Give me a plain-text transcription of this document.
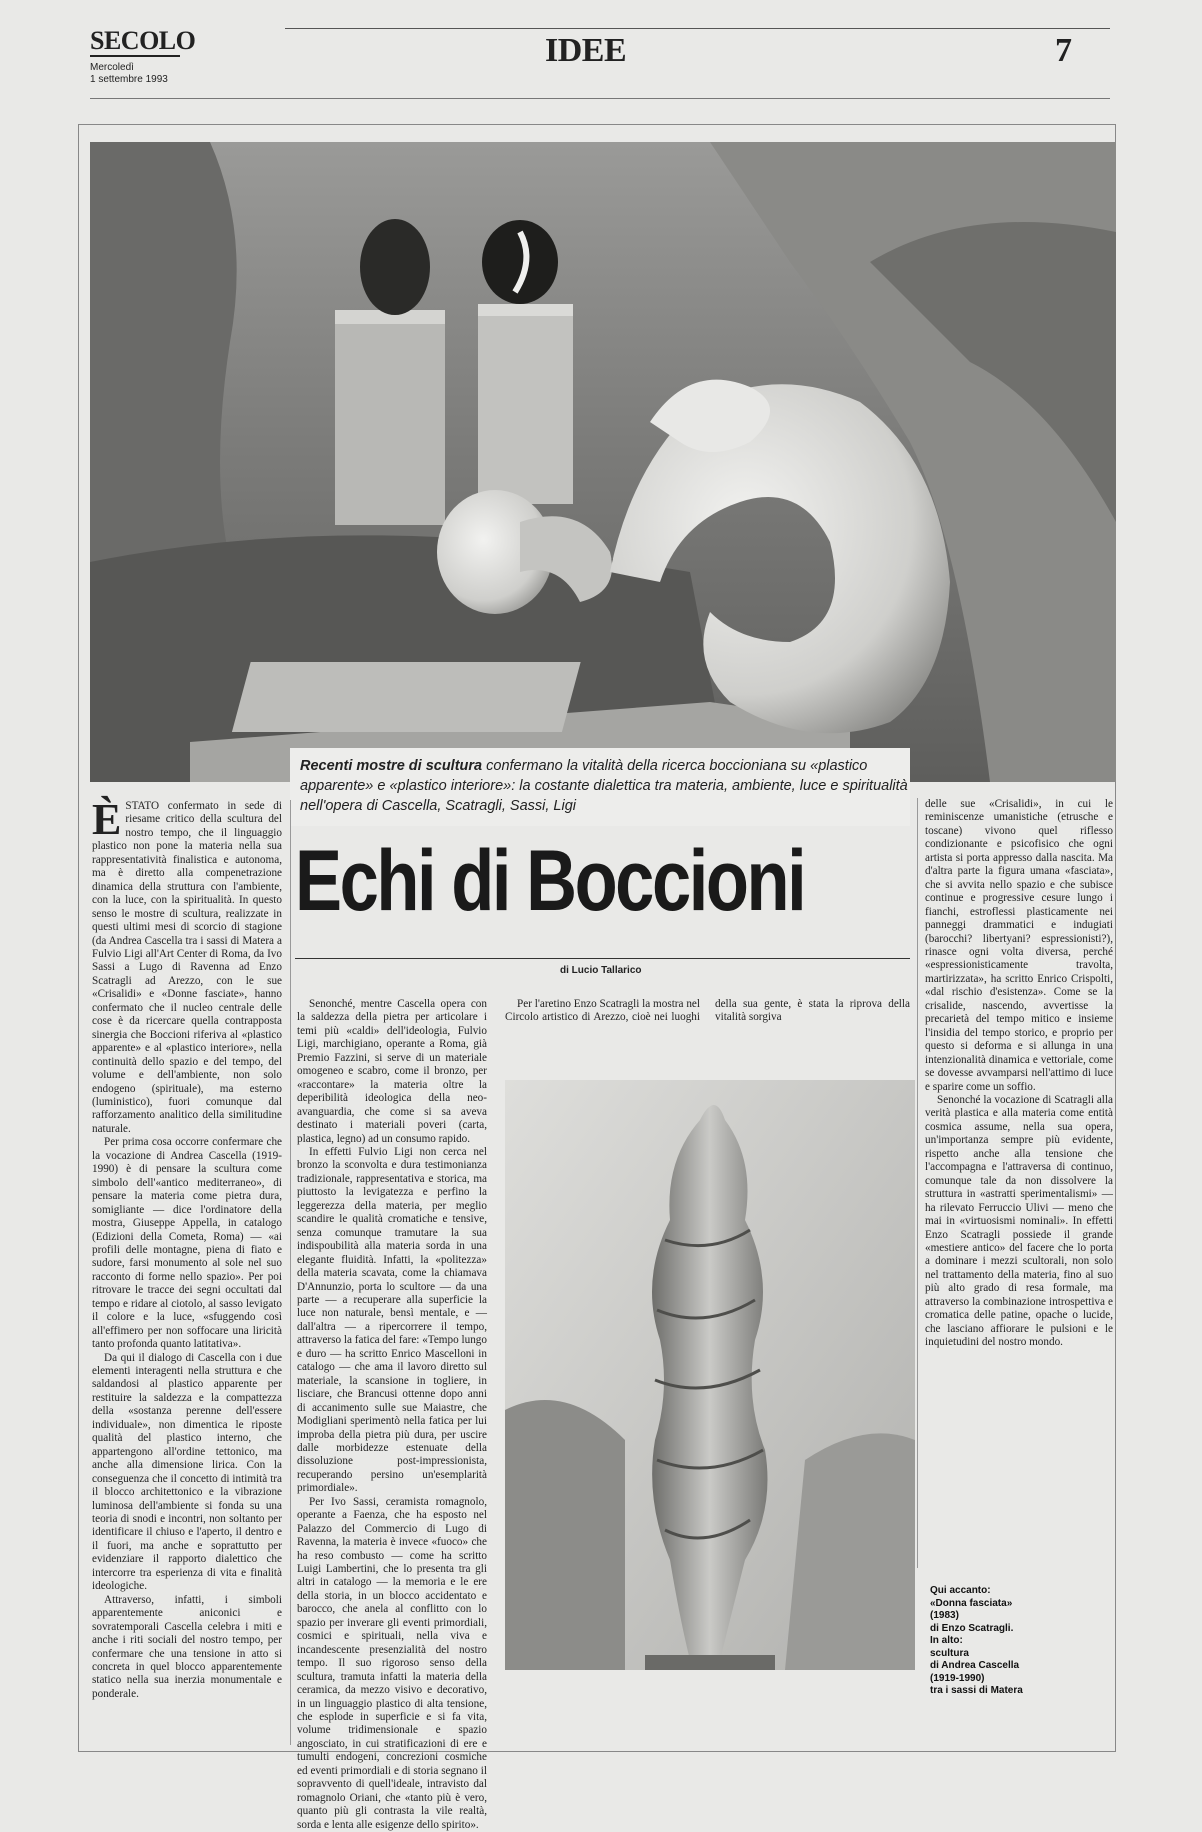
SECOLO
Mercoledì
1 settembre 1993
IDEE	7
Recenti mostre di scultura confermano la vitalità della ricerca boccioniana su «plastico apparente» e «plastico interiore»: la costante dialettica tra materia, ambiente, luce e spiritualità nell'opera di Cascella, Scatragli, Sassi, Ligi
Echi di Boccioni
di Lucio Tallarico

È STATO confermato in sede di riesame critico della scultura del nostro tempo, che il linguaggio plastico non pone la materia nella sua rappresentatività finalistica e autonoma, ma è diretto alla compenetrazione dinamica della struttura con l'ambiente, con la luce, con la spiritualità. In questo senso le mostre di scultura, realizzate in questi ultimi mesi di scorcio di stagione (da Andrea Cascella tra i sassi di Matera a Fulvio Ligi all'Art Center di Roma, da Ivo Sassi a Lugo di Ravenna ad Enzo Scatragli ad Arezzo, con le sue «Crisalidi» e «Donne fasciate», hanno confermato che il nucleo centrale delle cose è da ricercare quella contrapposta sinergia che Boccioni riferiva al «plastico apparente» e al «plastico interiore», nella continuità dello spazio e del tempo, del volume e dell'ambiente, non solo endogeno (spirituale), ma esterno (luministico), fuori comunque dal rafforzamento analitico della similitudine naturale.

Per prima cosa occorre confermare che la vocazione di Andrea Cascella (1919-1990) è di pensare la scultura come simbolo dell'«antico mediterraneo», di pensare la materia come pietra dura, somigliante — dice l'ordinatore della mostra, Giuseppe Appella, in catalogo (Edizioni della Cometa, Roma) — «ai profili delle montagne, piena di fiato e sudore, farsi monumento al sole nel suo racconto di forme nello spazio». Per poi ritrovare le tracce dei segni occultati dal tempo e ridare al ciotolo, al sasso levigato il colore e la luce, «sfuggendo così all'effimero per non soffocare una liricità tanto profonda quanto latitativa».

Da qui il dialogo di Cascella con i due elementi interagenti nella struttura e che saldandosi al plastico apparente per restituire la saldezza e la compattezza della «sostanza perenne dell'essere individuale», non dimentica le riposte qualità del plastico interno, che appartengono all'ordine tettonico, ma anche alla dimensione lirica. Con la conseguenza che il concetto di intimità tra il blocco architettonico e la vibrazione luminosa dell'ambiente si fonda su una teoria di snodi e incontri, non soltanto per identificare il chiuso e l'aperto, il dentro e il fuori, ma anche e soprattutto per evidenziare il rapporto dialettico che intercorre tra esperienza di vita e finalità ideologiche.

Attraverso, infatti, i simboli apparentemente aniconici e sovratemporali Cascella celebra i miti e anche i riti sociali del nostro tempo, per confermare che una tensione in atto si concreta in quel blocco apparentemente statico nella sua inerzia monumentale e ponderale.

Senonché, mentre Cascella opera con la saldezza della pietra per articolare i temi più «caldi» dell'ideologia, Fulvio Ligi, marchigiano, operante a Roma, già Premio Fazzini, si serve di un materiale omogeneo e scabro, come il bronzo, per «raccontare» la materia oltre la deperibilità ideologica della neo-avanguardia, che come si sa aveva destinato i materiali poveri (carta, plastica, legno) ad un consumo rapido.

In effetti Fulvio Ligi non cerca nel bronzo la sconvolta e dura testimonianza tradizionale, rappresentativa e storica, ma piuttosto la levigatezza e perfino la leggerezza della materia, per meglio scandire le qualità cromatiche e tensive, senza comunque tramutare la sua indispoubilità alla materia sorda in una elegante fluidità. Infatti, la «politezza» della materia scavata, come la chiamava D'Annunzio, porta lo scultore — da una parte — a recuperare alla superficie la luce non naturale, bensì mentale, e — dall'altra — a ripercorrere il tempo, attraverso la fatica del fare: «Tempo lungo e duro — ha scritto Enrico Mascelloni in catalogo — che ama il lavoro diretto sul materiale, la scansione in togliere, in lisciare, che Brancusi ottenne dopo anni di accanimento sulle sue Maiastre, che Modigliani sperimentò nella fatica per lui improba della pietra più dura, per uscire dalle morbidezze estenuate della dissoluzione post-impressionista, recuperando persino un'esemplarità primordiale».

Per Ivo Sassi, ceramista romagnolo, operante a Faenza, che ha esposto nel Palazzo del Commercio di Lugo di Ravenna, la materia è invece «fuoco» che ha reso combusto — come ha scritto Luigi Lambertini, che lo presenta tra gli altri in catalogo — la memoria e le ere della storia, in un blocco accidentato e barocco, che anela al conflitto con lo spazio per inverare gli eventi primordiali, cosmici e spirituali, nella viva e incandescente presenzialità del nostro tempo. Il suo rigoroso senso della scultura, tramuta infatti la materia della ceramica, da mezzo visivo e decorativo, in un linguaggio plastico di alta tensione, che esplode in superficie e si fa vita, volume tridimensionale e spazio angosciato, in cui stratificazioni di ere e tumulti endogeni, concrezioni cosmiche ed eventi primordiali e di storia segnano il sopravvento di quell'ideale, intravisto dal romagnolo Oriani, che «tanto più è vero, quanto più gli contrasta la vile realtà, sorda e lenta alle esigenze dello spirito».

Per l'aretino Enzo Scatragli la mostra nel Circolo artistico di Arezzo, cioè nei luoghi della sua gente, è stata la riprova della vitalità sorgiva

delle sue «Crisalidi», in cui le reminiscenze umanistiche (etrusche e toscane) vivono quel riflesso condizionante e psicofisico che ogni artista si porta appresso dalla nascita. Ma d'altra parte la figura umana «fasciata», che si avvita nello spazio e che subisce continue e progressive cesure lungo i fianchi, estroflessi plasticamente nei panneggi drammatici e indugiati (barocchi? libertyani? espressionisti?), rinasce ogni volta diversa, perché «espressionisticamente travolta, martirizzata», ha scritto Enrico Crispolti, «dal rischio d'esistenza». Come se la crisalide, nascendo, avvertisse la precarietà del tempo mitico e insieme l'insidia del tempo storico, e proprio per questo si deforma e si allunga in una intenzionalità dinamica e vettoriale, come se dovesse avvamparsi nell'attimo di luce e sparire come un soffio.

Senonché la vocazione di Scatragli alla verità plastica e alla materia come entità cosmica assume, nella sua opera, un'importanza sempre più evidente, rispetto anche alla tensione che l'accompagna e l'attraversa di continuo, comunque tale da non dissolvere la struttura in «astratti sperimentalismi» — ha rilevato Ferruccio Ulivi — meno che mai in «virtuosismi nominali». In effetti Enzo Scatragli possiede il grande «mestiere antico» del facere che lo porta a dominare i mezzi scultorali, non solo nel trattamento della materia, fino al suo più alto grado di resa formale, ma attraverso la combinazione introspettiva e cromatica delle patine, opache o lucide, che lasciano affiorare le pulsioni e le inquietudini del nostro mondo.

Qui accanto:
«Donna fasciata»
(1983)
di Enzo Scatragli.
In alto:
scultura
di Andrea Cascella
(1919-1990)
tra i sassi di Matera
